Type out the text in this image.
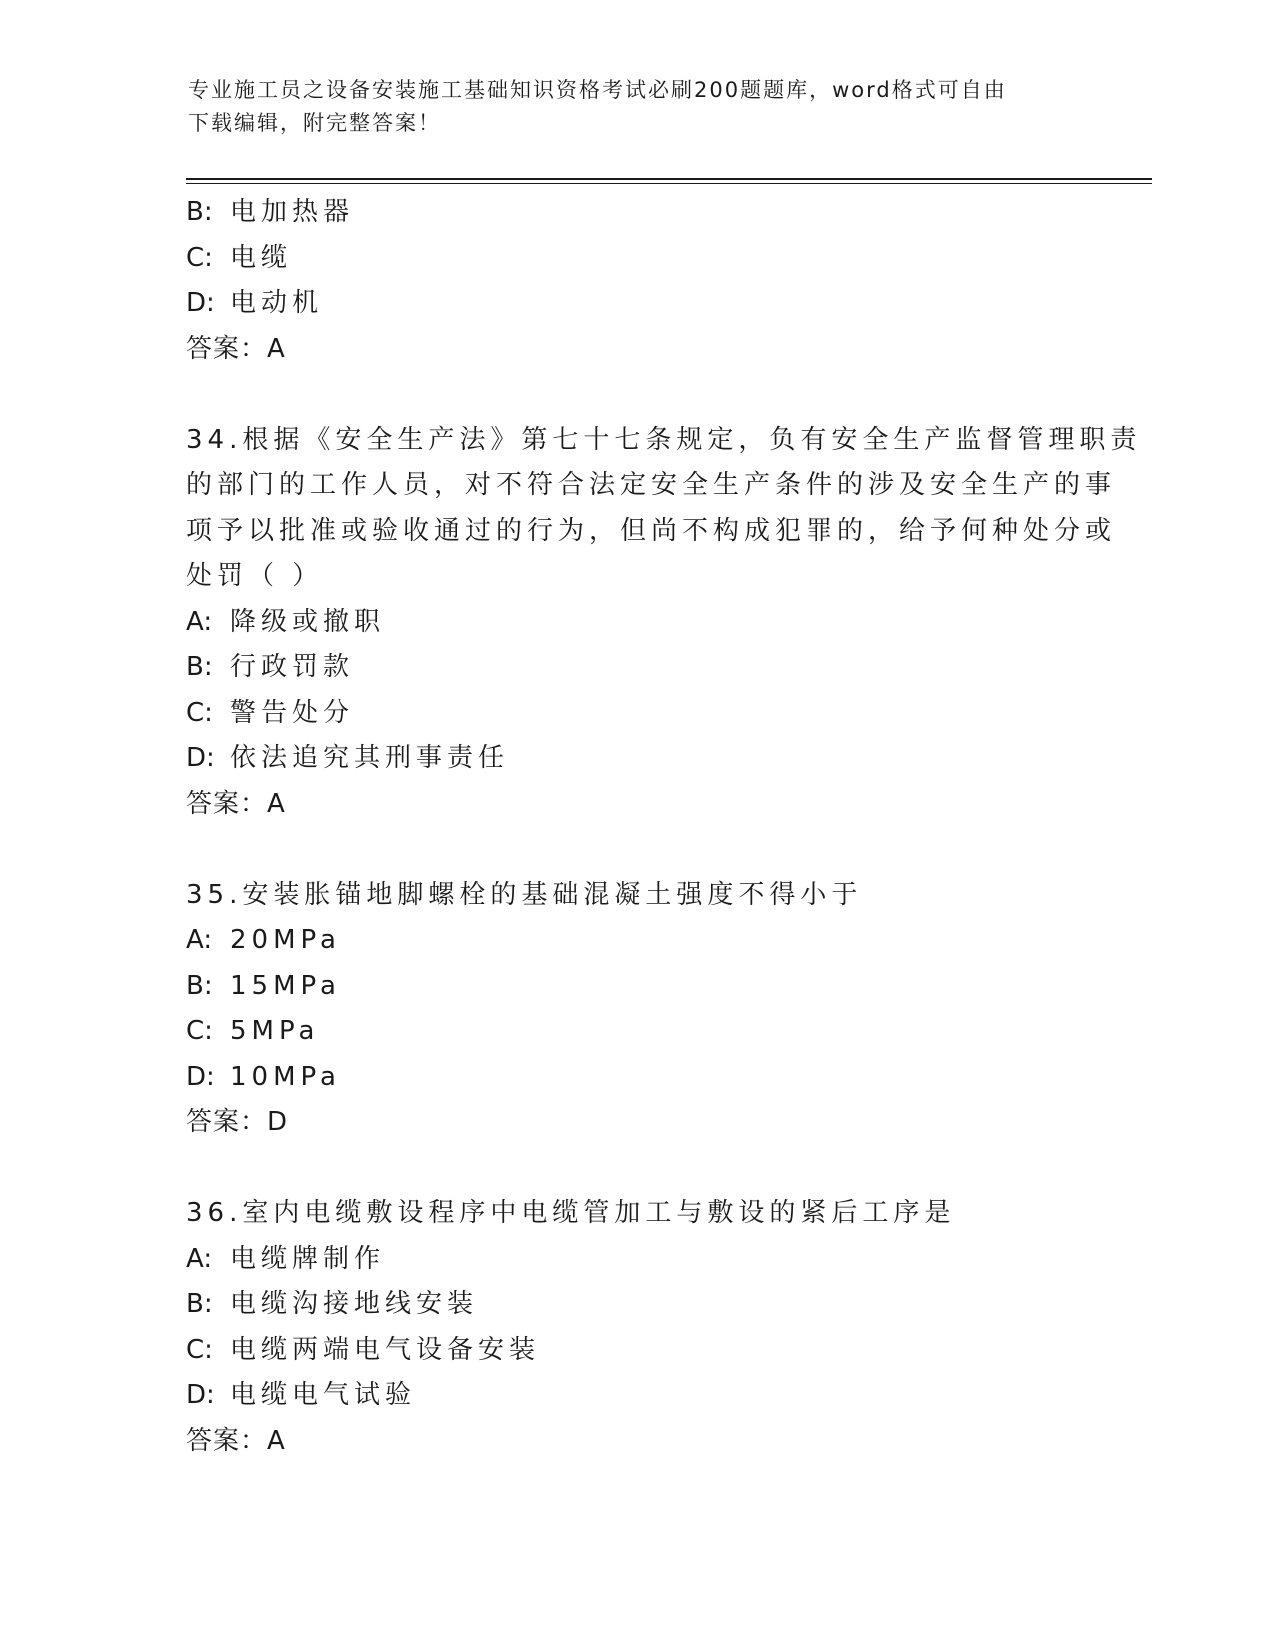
专业施工员之设备安装施工基础知识资格考试必刷200题题库，word格式可自由
下载编辑，附完整答案！
B: 电加热器
C: 电缆
D: 电动机
答案：A
34.根据《安全生产法》第七十七条规定，负有安全生产监督管理职责
的部门的工作人员，对不符合法定安全生产条件的涉及安全生产的事
项予以批准或验收通过的行为，但尚不构成犯罪的，给予何种处分或
处罚（ ）
A: 降级或撤职
B: 行政罚款
C: 警告处分
D: 依法追究其刑事责任
答案：A
35.安装胀锚地脚螺栓的基础混凝土强度不得小于
A: 20MPa
B: 15MPa
C: 5MPa
D: 10MPa
答案：D
36.室内电缆敷设程序中电缆管加工与敷设的紧后工序是
A: 电缆牌制作
B: 电缆沟接地线安装
C: 电缆两端电气设备安装
D: 电缆电气试验
答案：A
